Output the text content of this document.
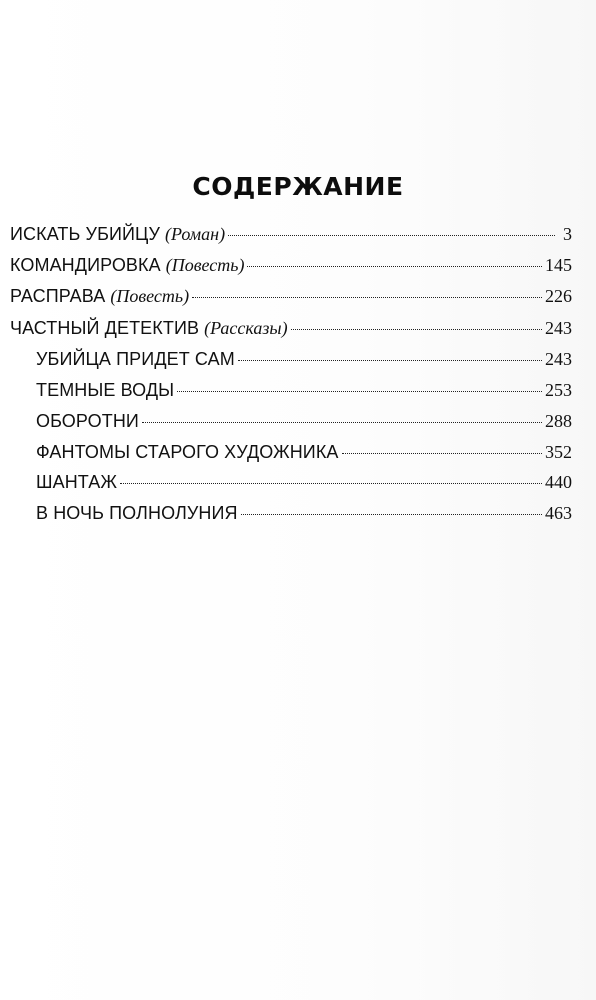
СОДЕРЖАНИЕ
ИСКАТЬ УБИЙЦУ (Роман)	3
КОМАНДИРОВКА (Повесть)	145
РАСПРАВА (Повесть)	226
ЧАСТНЫЙ ДЕТЕКТИВ (Рассказы)	243
УБИЙЦА ПРИДЕТ САМ	243
ТЕМНЫЕ ВОДЫ	253
ОБОРОТНИ	288
ФАНТОМЫ СТАРОГО ХУДОЖНИКА	352
ШАНТАЖ	440
В НОЧЬ ПОЛНОЛУНИЯ	463
